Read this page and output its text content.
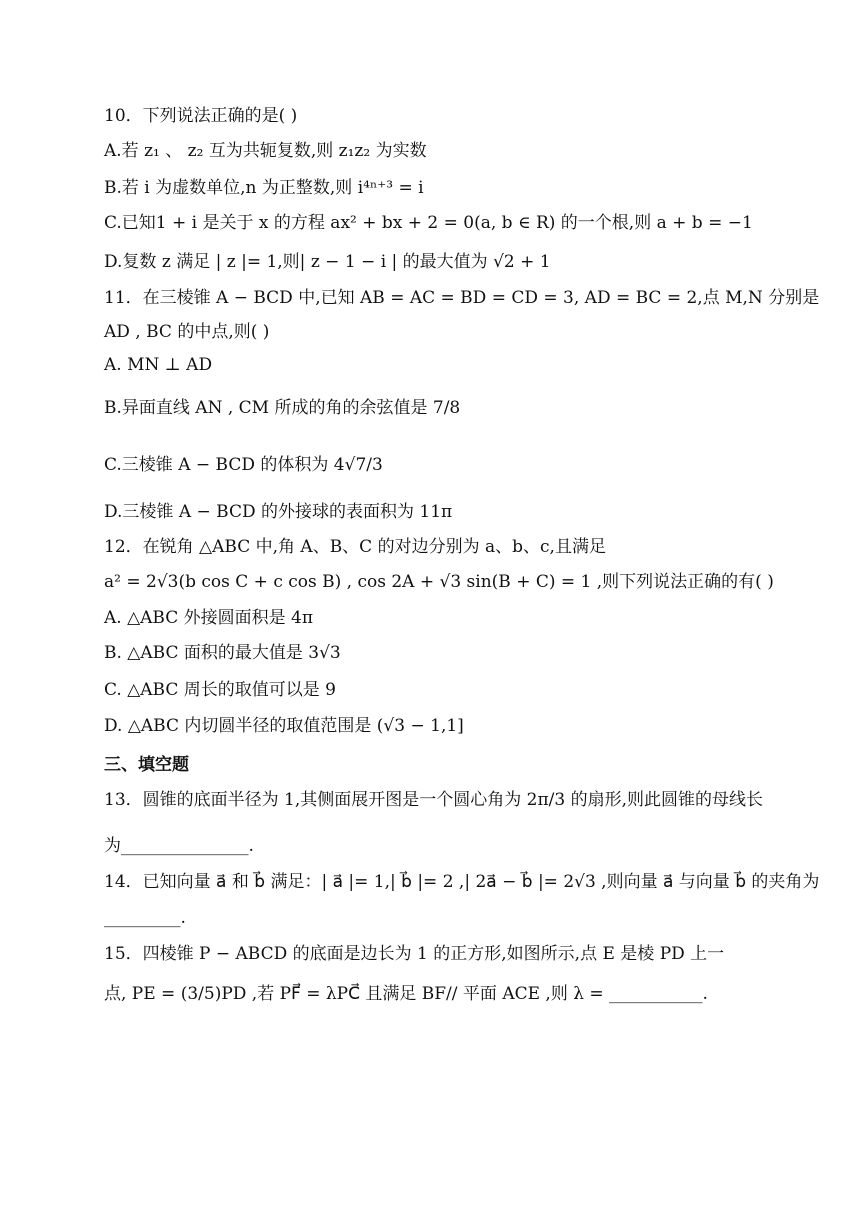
10．下列说法正确的是( )
A.若 z₁ 、 z₂ 互为共轭复数,则 z₁z₂ 为实数
B.若 i 为虚数单位,n 为正整数,则 i⁴ⁿ⁺³ = i
C.已知1 + i 是关于 x 的方程 ax² + bx + 2 = 0(a, b ∈ R) 的一个根,则 a + b = −1
D.复数 z 满足 | z |= 1,则| z − 1 − i | 的最大值为 √2 + 1
11．在三棱锥 A − BCD 中,已知 AB = AC = BD = CD = 3, AD = BC = 2,点 M,N 分别是
AD , BC 的中点,则( )
A. MN ⊥ AD
B.异面直线 AN , CM 所成的角的余弦值是 7/8
C.三棱锥 A − BCD 的体积为 4√7/3
D.三棱锥 A − BCD 的外接球的表面积为 11π
12．在锐角 △ABC 中,角 A、B、C 的对边分别为 a、b、c,且满足
a² = 2√3(b cos C + c cos B) , cos 2A + √3 sin(B + C) = 1 ,则下列说法正确的有( )
A. △ABC 外接圆面积是 4π
B. △ABC 面积的最大值是 3√3
C. △ABC 周长的取值可以是 9
D. △ABC 内切圆半径的取值范围是 (√3 − 1,1]
三、填空题
13．圆锥的底面半径为 1,其侧面展开图是一个圆心角为 2π/3 的扇形,则此圆锥的母线长
为_______________.
14．已知向量 a⃗ 和 b⃗ 满足：| a⃗ |= 1,| b⃗ |= 2 ,| 2a⃗ − b⃗ |= 2√3 ,则向量 a⃗ 与向量 b⃗ 的夹角为
_________.
15．四棱锥 P − ABCD 的底面是边长为 1 的正方形,如图所示,点 E 是棱 PD 上一
点, PE = (3/5)PD ,若 PF⃗ = λPC⃗ 且满足 BF// 平面 ACE ,则 λ = ___________.
